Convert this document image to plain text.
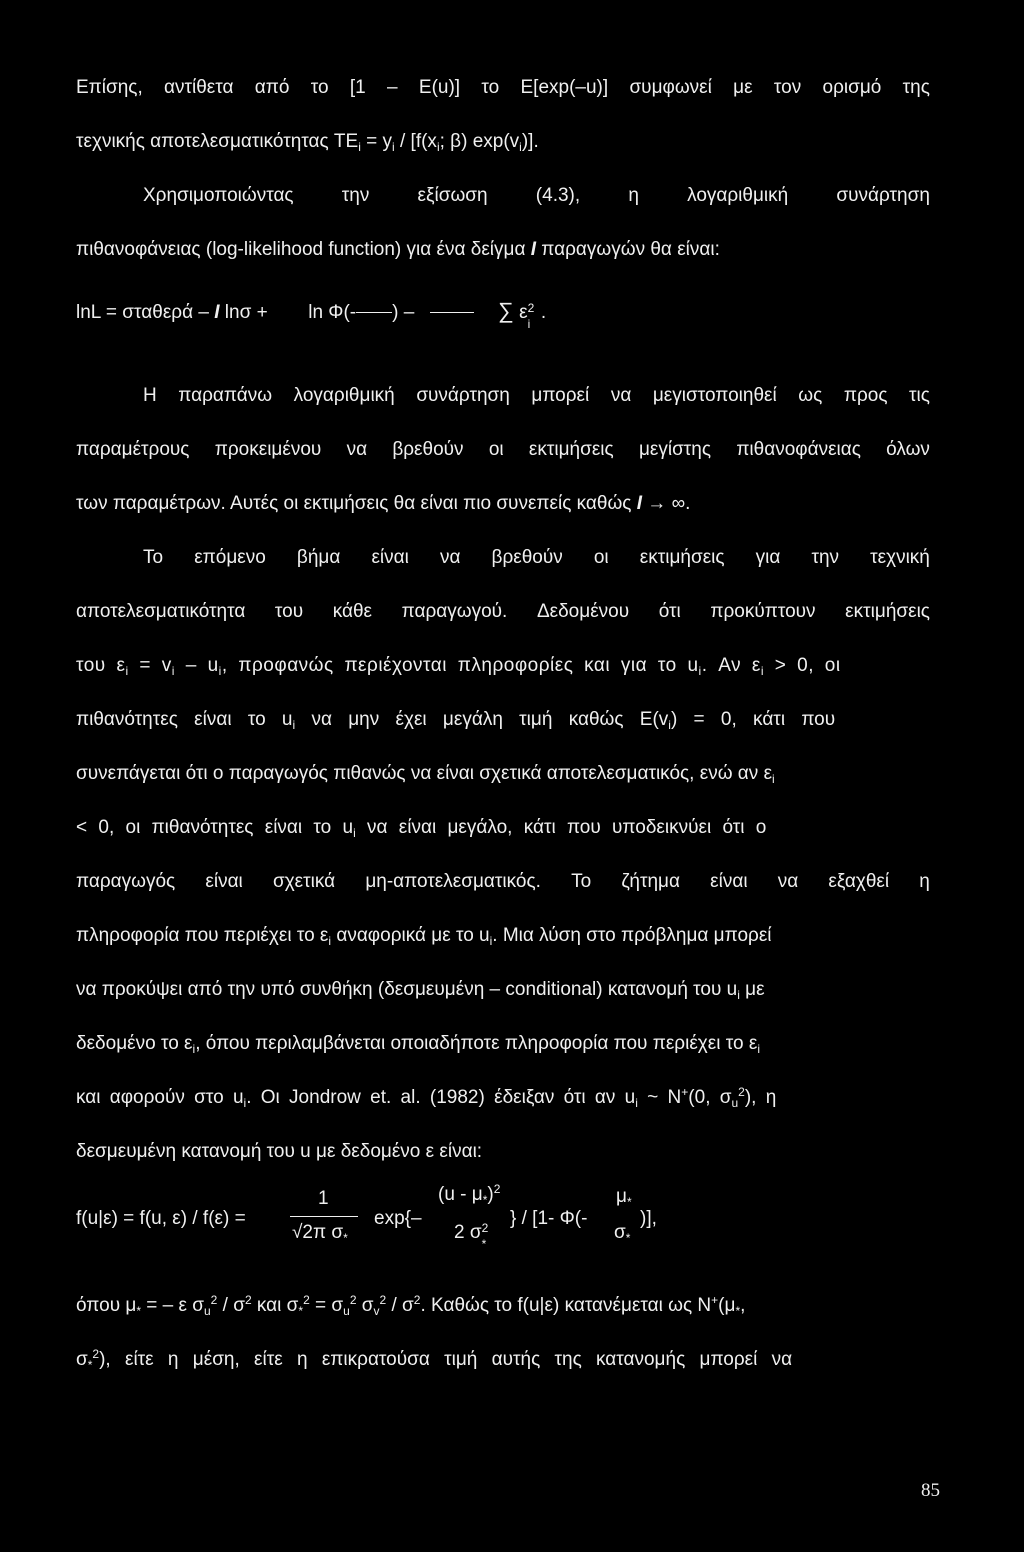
Επίσης, αντίθετα από το [1 – E(u)] το E[exp(–u)] συμφωνεί με τον ορισμό της
τεχνικής αποτελεσματικότητας $TE_i = y_i / [f(x_i$; β) $\exp(v_i)$].
Χρησιμοποιώντας	την	εξίσωση	(4.3),	η	λογαριθμική	συνάρτηση
πιθανοφάνειας (log-likelihood function) για ένα δείγμα I παραγωγών θα είναι:
lnL = σταθερά – I lnσ +  ln Φ(- ) –	∑ ε 2
i
.
Η παραπάνω λογαριθμική συνάρτηση μπορεί να μεγιστοποιηθεί ως προς τις
παραμέτρους προκειμένου να βρεθούν οι εκτιμήσεις μεγίστης πιθανοφάνειας όλων
των παραμέτρων. Αυτές οι εκτιμήσεις θα είναι πιο συνεπείς καθώς I → ∞.
Το επόμενο βήμα είναι να βρεθούν οι εκτιμήσεις για την τεχνική
αποτελεσματικότητα του κάθε παραγωγού. Δεδομένου ότι προκύπτουν εκτιμήσεις
του $\varepsilon_i = v_i - u_i$, προφανώς περιέχονται πληροφορίες και για το $u_i$. Αν $\varepsilon_i > 0$, οι
πιθανότητες είναι το $u_i$ να μην έχει μεγάλη τιμή καθώς $E(v_i) = 0$, κάτι που
συνεπάγεται ότι ο παραγωγός πιθανώς να είναι σχετικά αποτελεσματικός, ενώ αν $\varepsilon_i$
< 0, οι πιθανότητες είναι το $u_i$ να είναι μεγάλο, κάτι που υποδεικνύει ότι ο
παραγωγός είναι σχετικά μη-αποτελεσματικός. Το ζήτημα είναι να εξαχθεί η
πληροφορία που περιέχει το $\varepsilon_i$ αναφορικά με το $u_i$. Μια λύση στο πρόβλημα μπορεί
να προκύψει από την υπό συνθήκη (δεσμευμένη – conditional) κατανομή του $u_i$ με
δεδομένο το $\varepsilon_i$, όπου περιλαμβάνεται οποιαδήποτε πληροφορία που περιέχει το $\varepsilon_i$
και αφορούν στο $u_i$. Οι Jondrow et. al. (1982) έδειξαν ότι αν $u_i$ ~ N+(0, $\sigma_u^2$), η
δεσμευμένη κατανομή του u με δεδομένο ε είναι:
f(u|ε) = f(u, ε) / f(ε) =
1
√2π $\sigma_*$
exp{–
$(u - \mu_*)^2$
2 σ 2
*
} / [1- Φ(-
$\mu_*$
$\sigma_*$
)],
όπου $\mu_*$ = – ε $\sigma_u^2 / \sigma^2$ και $\sigma_*^2 = \sigma_u^2$ $\sigma_v^2 / \sigma^2$. Καθώς το f(u|ε) κατανέμεται ως $N^+(\mu_*$,
$\sigma_*^2$), είτε η μέση, είτε η επικρατούσα τιμή αυτής της κατανομής μπορεί να
85
